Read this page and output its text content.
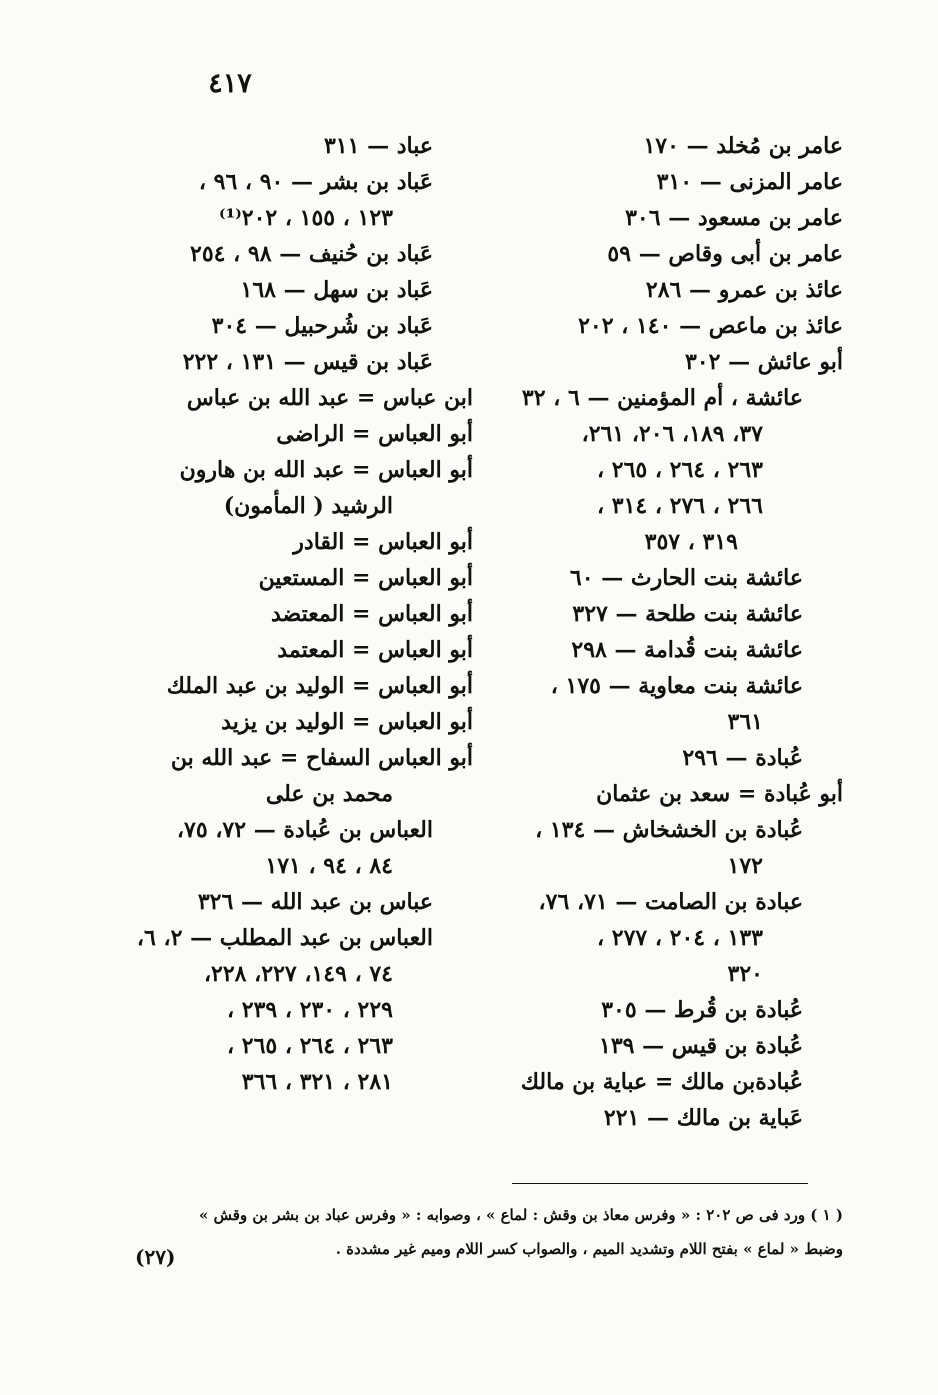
٤١٧
عامر بن مُخلد — ١٧٠
عامر المزنى — ٣١٠
عامر بن مسعود — ٣٠٦
عامر بن أبى وقاص — ٥٩
عائذ بن عمرو — ٢٨٦
عائذ بن ماعص — ١٤٠ ، ٢٠٢
أبو عائش — ٣٠٢
عائشة ، أم المؤمنين — ٦ ، ٣٢
٣٧، ١٨٩، ٢٠٦، ٢٦١،
٢٦٣ ، ٢٦٤ ، ٢٦٥ ،
٢٦٦ ، ٢٧٦ ، ٣١٤ ،
٣١٩ ، ٣٥٧
عائشة بنت الحارث — ٦٠
عائشة بنت طلحة — ٣٢٧
عائشة بنت قُدامة — ٢٩٨
عائشة بنت معاوية — ١٧٥ ،
٣٦١
عُبادة — ٢٩٦
أبو عُبادة = سعد بن عثمان
عُبادة بن الخشخاش — ١٣٤ ،
١٧٢
عبادة بن الصامت — ٧١، ٧٦،
١٣٣ ، ٢٠٤ ، ٢٧٧ ،
٣٢٠
عُبادة بن قُرط — ٣٠٥
عُبادة بن قيس — ١٣٩
عُبادةبن مالك = عباية بن مالك
عَباية بن مالك — ٢٢١
عباد — ٣١١
عَباد بن بشر — ٩٠ ، ٩٦ ،
١٢٣ ، ١٥٥ ، ٢٠٢⁽¹⁾
عَباد بن حُنيف — ٩٨ ، ٢٥٤
عَباد بن سهل — ١٦٨
عَباد بن شُرحبيل — ٣٠٤
عَباد بن قيس — ١٣١ ، ٢٢٢
ابن عباس = عبد الله بن عباس
أبو العباس = الراضى
أبو العباس = عبد الله بن هارون
الرشيد ( المأمون)
أبو العباس = القادر
أبو العباس = المستعين
أبو العباس = المعتضد
أبو العباس = المعتمد
أبو العباس = الوليد بن عبد الملك
أبو العباس = الوليد بن يزيد
أبو العباس السفاح = عبد الله بن
محمد بن على
العباس بن عُبادة — ٧٢، ٧٥،
٨٤ ، ٩٤ ، ١٧١
عباس بن عبد الله — ٣٢٦
العباس بن عبد المطلب — ٢، ٦،
٧٤ ، ١٤٩، ٢٢٧، ٢٢٨،
٢٢٩ ، ٢٣٠ ، ٢٣٩ ،
٢٦٣ ، ٢٦٤ ، ٢٦٥ ،
٢٨١ ، ٣٢١ ، ٣٦٦
( ١ ) ورد فى ص ٢٠٢ : « وفرس معاذ بن وقش : لماع » ، وصوابه : « وفرس عباد بن بشر بن وقش »
وضبط « لماع » بفتح اللام وتشديد الميم ، والصواب كسر اللام وميم غير مشددة .
(٢٧)
